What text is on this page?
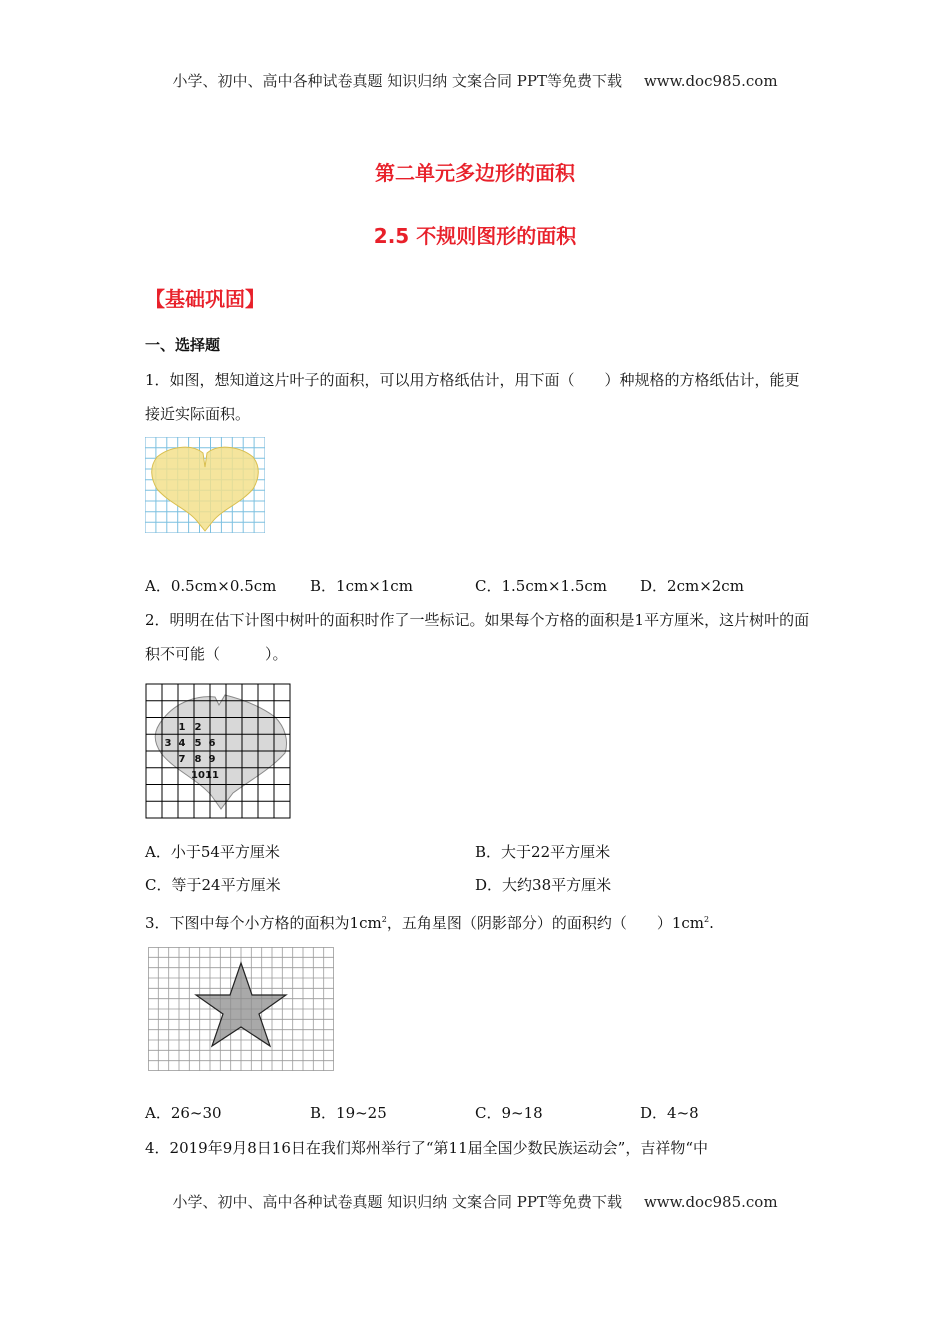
小学、初中、高中各种试卷真题 知识归纳 文案合同 PPT等免费下载 www.doc985.com
第二单元多边形的面积
2.5 不规则图形的面积
【基础巩固】
一、选择题
1．如图，想知道这片叶子的面积，可以用方格纸估计，用下面（　　）种规格的方格纸估计，能更接近实际面积。
A．0.5cm×0.5cm B．1cm×1cm	C．1.5cm×1.5cm D．2cm×2cm
2．明明在估下计图中树叶的面积时作了一些标记。如果每个方格的面积是1平方厘米，这片树叶的面积不可能（　　　）。
1 2
3 4 5 6
7 8 9
10 11
A．小于54平方厘米	B．大于22平方厘米
C．等于24平方厘米	D．大约38平方厘米
3．下图中每个小方格的面积为$1cm^2$，五角星图（阴影部分）的面积约（　　）$1cm^2$.
A．26~30	B．19~25	C．9~18	D．4~8
4．2019年9月8日16日在我们郑州举行了“第11届全国少数民族运动会”，吉祥物“中
小学、初中、高中各种试卷真题 知识归纳 文案合同 PPT等免费下载 www.doc985.com
